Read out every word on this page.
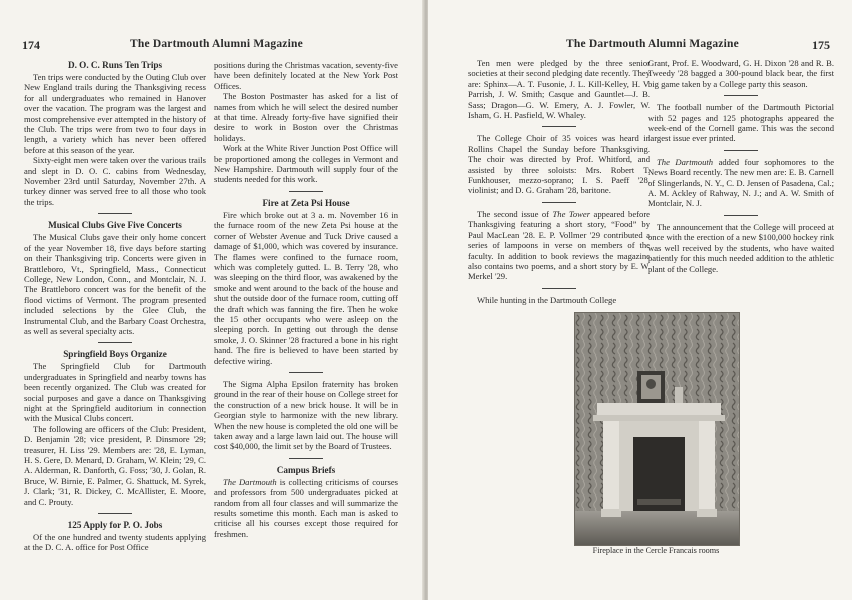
174	The Dartmouth Alumni Magazine
D. O. C. Runs Ten Trips

Ten trips were conducted by the Outing Club over New England trails during the Thanksgiving recess for all undergraduates who remained in Hanover over the vacation. The program was the largest and most comprehensive ever attempted in the history of the Club. The trips were from two to four days in length, a variety which has never been offered before at this season of the year.

Sixty-eight men were taken over the various trails and slept in D. O. C. cabins from Wednesday, November 23rd until Saturday, November 27th. A turkey dinner was served free to all those who took the trips.

Musical Clubs Give Five Concerts

The Musical Clubs gave their only home concert of the year November 18, five days before starting on their Thanksgiving trip. Concerts were given in Brattleboro, Vt., Springfield, Mass., Connecticut College, New London, Conn., and Montclair, N. J. The Brattleboro concert was for the benefit of the flood victims of Vermont. The program presented included selections by the Glee Club, the Instrumental Club, and the Barbary Coast Orchestra, as well as several specialty acts.

Springfield Boys Organize

The Springfield Club for Dartmouth undergraduates in Springfield and nearby towns has been recently organized. The Club was created for social purposes and gave a dance on Thanksgiving night at the Springfield auditorium in connection with the Musical Clubs concert.

The following are officers of the Club: President, D. Benjamin '28; vice president, P. Dinsmore '29; treasurer, H. Liss '29. Members are: '28, E. Lyman, H. S. Gere, D. Menard, D. Graham, W. Klein; '29, C. A. Alderman, R. Danforth, G. Foss; '30, J. Golan, R. Bruce, W. Birnie, E. Palmer, G. Shattuck, M. Syrek, J. Clark; '31, R. Dickey, C. McAllister, E. Moore, and C. Prouty.

125 Apply for P. O. Jobs

Of the one hundred and twenty students applying at the D. C. A. office for Post Office

positions during the Christmas vacation, seventy-five have been definitely located at the New York Post Offices.

The Boston Postmaster has asked for a list of names from which he will select the desired number at that time. Already forty-five have signified their desire to work in Boston over the Christmas holidays.

Work at the White River Junction Post Office will be proportioned among the colleges in Vermont and New Hampshire. Dartmouth will supply four of the students needed for this work.

Fire at Zeta Psi House

Fire which broke out at 3 a. m. November 16 in the furnace room of the new Zeta Psi house at the corner of Webster Avenue and Tuck Drive caused a damage of $1,000, which was covered by insurance. The flames were confined to the furnace room, which was completely gutted. L. B. Terry '28, who was sleeping on the third floor, was awakened by the smoke and went around to the back of the house and shut the outside door of the furnace room, cutting off the draft which was fanning the fire. Then he woke the 15 other occupants who were asleep on the sleeping porch. In getting out through the dense smoke, J. O. Skinner '28 fractured a bone in his right hand. The fire is believed to have been started by defective wiring.

The Sigma Alpha Epsilon fraternity has broken ground in the rear of their house on College street for the construction of a new brick house. It will be in Georgian style to harmonize with the new library. When the new house is completed the old one will be taken away and a large lawn laid out. The house will cost $40,000, the limit set by the Board of Trustees.

Campus Briefs

The Dartmouth is collecting criticisms of courses and professors from 500 undergraduates picked at random from all four classes and will summarize the results sometime this month. Each man is asked to criticise all his courses except those required for freshmen.

The Dartmouth Alumni Magazine	175

Ten men were pledged by the three senior societies at their second pledging date recently. They are: Sphinx—A. T. Fusonie, J. L. Kill-Kelley, H. V. Parrish, J. W. Smith; Casque and Gauntlet—J. B. Sass; Dragon—G. W. Emery, A. J. Fowler, W. Isham, G. H. Pasfield, W. Whaley.

The College Choir of 35 voices was heard in Rollins Chapel the Sunday before Thanksgiving. The choir was directed by Prof. Whitford, and assisted by three soloists: Mrs. Robert T. Funkhouser, mezzo-soprano; I. S. Paeff '28, violinist; and D. G. Graham '28, baritone.

The second issue of The Tower appeared before Thanksgiving featuring a short story, “Food” by Paul MacLean '28. E. P. Vollmer '29 contributed a series of lampoons in verse on members of the faculty. In addition to book reviews the magazine also contains two poems, and a short story by E. W. Merkel '29.

While hunting in the Dartmouth College

Grant, Prof. E. Woodward, G. H. Dixon '28 and R. B. Tweedy '28 bagged a 300-pound black bear, the first big game taken by a College party this season.

The football number of the Dartmouth Pictorial with 52 pages and 125 photographs appeared the week-end of the Cornell game. This was the second largest issue ever printed.

The Dartmouth added four sophomores to the News Board recently. The new men are: E. B. Carnell of Slingerlands, N. Y., C. D. Jensen of Pasadena, Cal.; A. M. Ackley of Rahway, N. J.; and A. W. Smith of Montclair, N. J.

The announcement that the College will proceed at once with the erection of a new $100,000 hockey rink was well received by the students, who have waited patiently for this much needed addition to the athletic plant of the College.

Fireplace in the Cercle Francais rooms
